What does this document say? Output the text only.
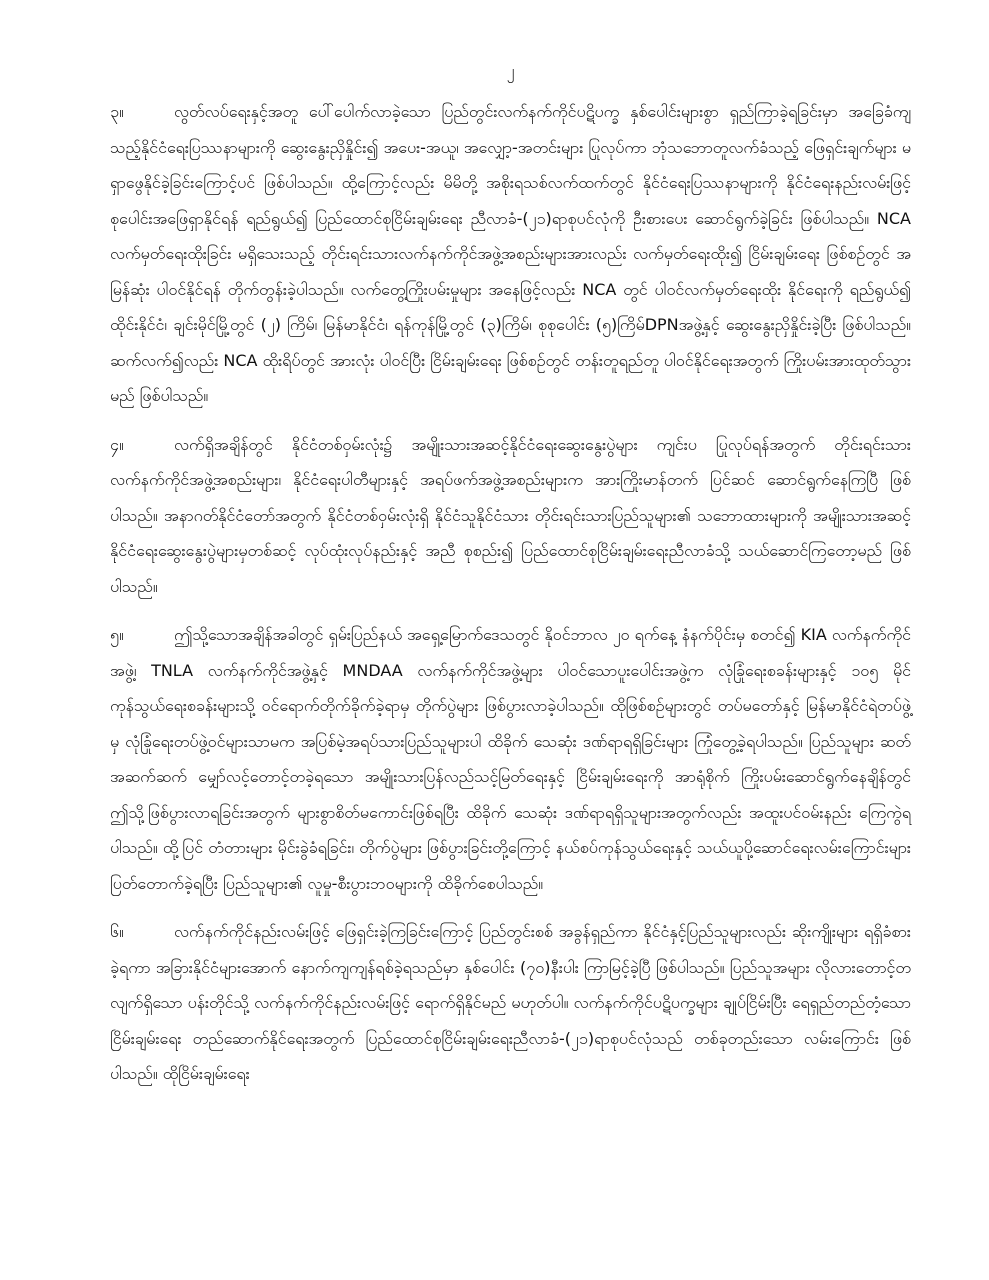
၂

၃။	လွတ်လပ်ရေးနှင့်အတူ ပေါ်ပေါက်လာခဲ့သော ပြည်တွင်းလက်နက်ကိုင်ပဋိပက္ခ နှစ်ပေါင်းများစွာ ရှည်ကြာခဲ့ရခြင်းမှာ အခြေခံကျသည့်နိုင်ငံရေးပြဿနာများကို ဆွေးနွေးညှိနှိုင်း၍ အပေး-အယူ၊ အလျှော့-အတင်းများ ပြုလုပ်ကာ ဘုံသဘောတူလက်ခံသည့် ဖြေရှင်းချက်များ မရှာဖွေနိုင်ခဲ့ခြင်းကြောင့်ပင် ဖြစ်ပါသည်။ ထို့ကြောင့်လည်း မိမိတို့ အစိုးရသစ်လက်ထက်တွင် နိုင်ငံရေးပြဿနာများကို နိုင်ငံရေးနည်းလမ်းဖြင့် စုပေါင်းအဖြေရှာနိုင်ရန် ရည်ရွယ်၍ ပြည်ထောင်စုငြိမ်းချမ်းရေး ညီလာခံ-(၂၁)ရာစုပင်လုံကို ဦးစားပေး ဆောင်ရွက်ခဲ့ခြင်း ဖြစ်ပါသည်။ NCA လက်မှတ်ရေးထိုးခြင်း မရှိသေးသည့် တိုင်းရင်းသားလက်နက်ကိုင်အဖွဲ့အစည်းများအားလည်း လက်မှတ်ရေးထိုး၍ ငြိမ်းချမ်းရေး ဖြစ်စဉ်တွင် အမြန်ဆုံး ပါဝင်နိုင်ရန် တိုက်တွန်းခဲ့ပါသည်။ လက်တွေ့ကြိုးပမ်းမှုများ အနေဖြင့်လည်း NCA တွင် ပါဝင်လက်မှတ်ရေးထိုး နိုင်ရေးကို ရည်ရွယ်၍ ထိုင်းနိုင်ငံ၊ ချင်းမိုင်မြို့တွင် (၂) ကြိမ်၊ မြန်မာနိုင်ငံ၊ ရန်ကုန်မြို့တွင် (၃)ကြိမ်၊ စုစုပေါင်း (၅)ကြိမ်DPNအဖွဲ့နှင့် ဆွေးနွေးညှိနှိုင်းခဲ့ပြီး ဖြစ်ပါသည်။ ဆက်လက်၍လည်း NCA ထိုးရိပ်တွင် အားလုံး ပါဝင်ပြီး ငြိမ်းချမ်းရေး ဖြစ်စဉ်တွင် တန်းတူရည်တူ ပါဝင်နိုင်ရေးအတွက် ကြိုးပမ်းအားထုတ်သွားမည် ဖြစ်ပါသည်။

၄။	လက်ရှိအချိန်တွင် နိုင်ငံတစ်ဝှမ်းလုံး၌ အမျိုးသားအဆင့်နိုင်ငံရေးဆွေးနွေးပွဲများ ကျင်းပ ပြုလုပ်ရန်အတွက် တိုင်းရင်းသားလက်နက်ကိုင်အဖွဲ့အစည်းများ၊ နိုင်ငံရေးပါတီများနှင့် အရပ်ဖက်အဖွဲ့အစည်းများက အားကြိုးမာန်တက် ပြင်ဆင် ဆောင်ရွက်နေကြပြီ ဖြစ်ပါသည်။ အနာဂတ်နိုင်ငံတော်အတွက် နိုင်ငံတစ်ဝှမ်းလုံးရှိ နိုင်ငံသူနိုင်ငံသား တိုင်းရင်းသားပြည်သူများ၏ သဘောထားများကို အမျိုးသားအဆင့်နိုင်ငံရေးဆွေးနွေးပွဲများမှတစ်ဆင့် လုပ်ထုံးလုပ်နည်းနှင့် အညီ စုစည်း၍ ပြည်ထောင်စုငြိမ်းချမ်းရေးညီလာခံသို့ သယ်ဆောင်ကြတော့မည် ဖြစ်ပါသည်။

၅။	ဤသို့သောအချိန်အခါတွင် ရှမ်းပြည်နယ် အရှေ့မြောက်ဒေသတွင် နိုဝင်ဘာလ ၂၀ ရက်နေ့ နံနက်ပိုင်းမှ စတင်၍ KIA လက်နက်ကိုင်အဖွဲ့၊ TNLA လက်နက်ကိုင်အဖွဲ့နှင့် MNDAA လက်နက်ကိုင်အဖွဲ့များ ပါဝင်သောပူးပေါင်းအဖွဲ့က လုံခြုံရေးစခန်းများနှင့် ၁၀၅ မိုင် ကုန်သွယ်ရေးစခန်းများသို့ ဝင်ရောက်တိုက်ခိုက်ခဲ့ရာမှ တိုက်ပွဲများ ဖြစ်ပွားလာခဲ့ပါသည်။ ထိုဖြစ်စဉ်များတွင် တပ်မတော်နှင့် မြန်မာနိုင်ငံရဲတပ်ဖွဲ့မှ လုံခြုံရေးတပ်ဖွဲ့ဝင်များသာမက အပြစ်မဲ့အရပ်သားပြည်သူများပါ ထိခိုက် သေဆုံး ဒဏ်ရာရရှိခြင်းများ ကြုံတွေ့ခဲ့ရပါသည်။ ပြည်သူများ ဆတ်အဆက်ဆက် မျှော်လင့်တောင့်တခဲ့ရသော အမျိုးသားပြန်လည်သင့်မြတ်ရေးနှင့် ငြိမ်းချမ်းရေးကို အာရုံစိုက် ကြိုးပမ်းဆောင်ရွက်နေချိန်တွင် ဤသို့ဖြစ်ပွားလာရခြင်းအတွက် များစွာစိတ်မကောင်းဖြစ်ရပြီး ထိခိုက် သေဆုံး ဒဏ်ရာရရှိသူများအတွက်လည်း အထူးပင်ဝမ်းနည်း ကြေကွဲရပါသည်။ ထို့ပြင် တံတားများ မိုင်းခွဲခံရခြင်း၊ တိုက်ပွဲများ ဖြစ်ပွားခြင်းတို့ကြောင့် နယ်စပ်ကုန်သွယ်ရေးနှင့် သယ်ယူပို့ဆောင်ရေးလမ်းကြောင်းများ ပြတ်တောက်ခဲ့ရပြီး ပြည်သူများ၏ လူမှု-စီးပွားဘဝများကို ထိခိုက်စေပါသည်။

၆။	လက်နက်ကိုင်နည်းလမ်းဖြင့် ဖြေရှင်းခဲ့ကြခြင်းကြောင့် ပြည်တွင်းစစ် အခွန်ရှည်ကာ နိုင်ငံနှင့်ပြည်သူများလည်း ဆိုးကျိုးများ ရရှိခံစားခဲ့ရကာ အခြားနိုင်ငံများအောက် နောက်ကျကျန်ရစ်ခဲ့ရသည်မှာ နှစ်ပေါင်း (၇၀)နီးပါး ကြာမြင့်ခဲ့ပြီ ဖြစ်ပါသည်။ ပြည်သူအများ လိုလားတောင့်တလျက်ရှိသော ပန်းတိုင်သို့ လက်နက်ကိုင်နည်းလမ်းဖြင့် ရောက်ရှိနိုင်မည် မဟုတ်ပါ။ လက်နက်ကိုင်ပဋိပက္ခများ ချုပ်ငြိမ်းပြီး ရေရှည်တည်တံ့သော ငြိမ်းချမ်းရေး တည်ဆောက်နိုင်ရေးအတွက် ပြည်ထောင်စုငြိမ်းချမ်းရေးညီလာခံ-(၂၁)ရာစုပင်လုံသည် တစ်ခုတည်းသော လမ်းကြောင်း ဖြစ်ပါသည်။ ထိုငြိမ်းချမ်းရေး
